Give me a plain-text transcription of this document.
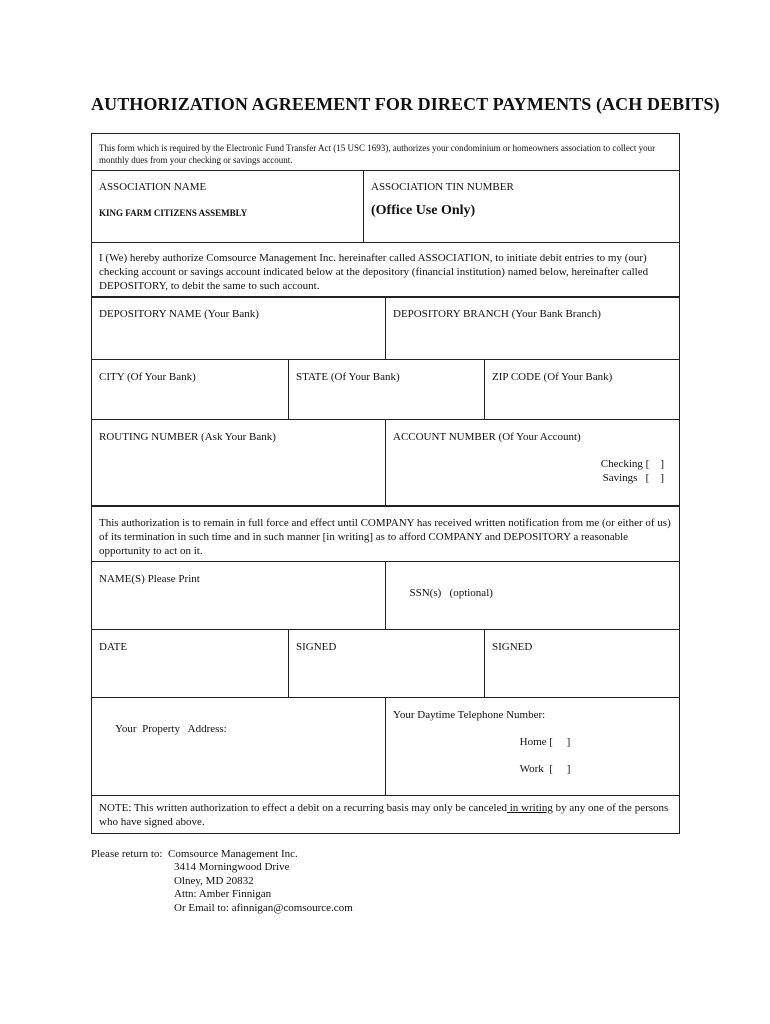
AUTHORIZATION AGREEMENT FOR DIRECT PAYMENTS (ACH DEBITS)
This form which is required by the Electronic Fund Transfer Act (15 USC 1693), authorizes your condominium or homeowners association to collect your monthly dues from your checking or savings account.
ASSOCIATION NAME
KING FARM CITIZENS ASSEMBLY
ASSOCIATION TIN NUMBER
(Office Use Only)
I (We) hereby authorize Comsource Management Inc. hereinafter called ASSOCIATION, to initiate debit entries to my (our) checking account or savings account indicated below at the depository (financial institution) named below, hereinafter called DEPOSITORY, to debit the same to such account.
DEPOSITORY NAME (Your Bank)	DEPOSITORY BRANCH (Your Bank Branch)
CITY (Of Your Bank)	STATE (Of Your Bank)	ZIP CODE (Of Your Bank)
ROUTING NUMBER (Ask Your Bank)	ACCOUNT NUMBER (Of Your Account)
Checking [    ]
Savings   [    ]
This authorization is to remain in full force and effect until COMPANY has received written notification from me (or either of us) of its termination in such time and in such manner [in writing] as to afford COMPANY and DEPOSITORY a reasonable opportunity to act on it.
NAME(S) Please Print

SSN(s)   (optional)

DATE	SIGNED	SIGNED

Your  Property   Address:

Your Daytime Telephone Number:
Home [     ]
Work  [     ]
NOTE: This written authorization to effect a debit on a recurring basis may only be canceled in writing by any one of the persons    who have signed above.
Please return to:  Comsource Management Inc.
3414 Morningwood Drive
Olney, MD 20832
Attn: Amber Finnigan
Or Email to: afinnigan@comsource.com
